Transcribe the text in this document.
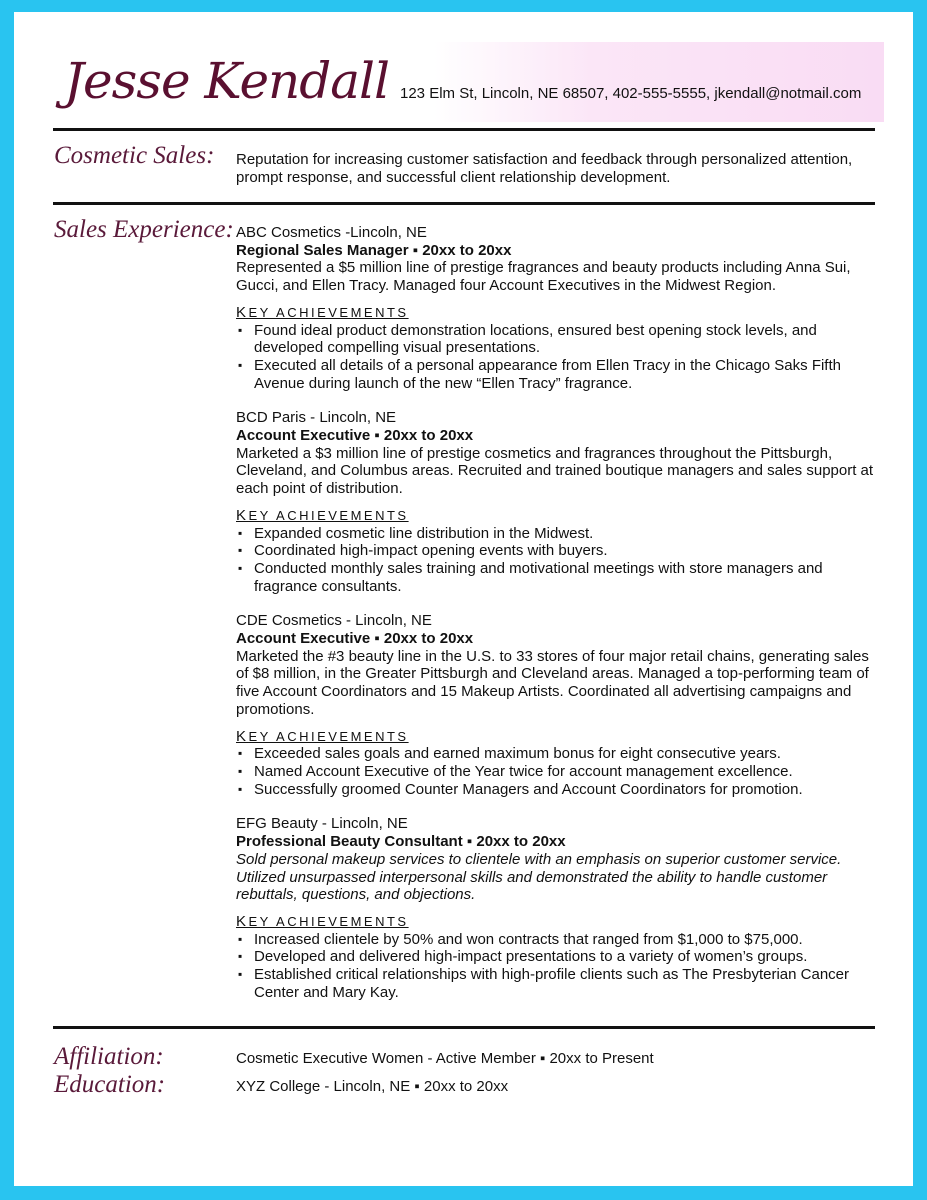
Jesse Kendall 123 Elm St, Lincoln, NE 68507, 402-555-5555, jkendall@notmail.com
Cosmetic Sales: Reputation for increasing customer satisfaction and feedback through personalized attention, prompt response, and successful client relationship development.
Sales Experience: ABC Cosmetics -Lincoln, NE
Regional Sales Manager ▪ 20xx to 20xx
Represented a $5 million line of prestige fragrances and beauty products including Anna Sui, Gucci, and Ellen Tracy. Managed four Account Executives in the Midwest Region.
KEY ACHIEVEMENTS
▪ Found ideal product demonstration locations, ensured best opening stock levels, and developed compelling visual presentations.
▪ Executed all details of a personal appearance from Ellen Tracy in the Chicago Saks Fifth Avenue during launch of the new “Ellen Tracy” fragrance.
BCD Paris - Lincoln, NE
Account Executive ▪ 20xx to 20xx
Marketed a $3 million line of prestige cosmetics and fragrances throughout the Pittsburgh, Cleveland, and Columbus areas. Recruited and trained boutique managers and sales support at each point of distribution.
KEY ACHIEVEMENTS
▪ Expanded cosmetic line distribution in the Midwest.
▪ Coordinated high-impact opening events with buyers.
▪ Conducted monthly sales training and motivational meetings with store managers and fragrance consultants.
CDE Cosmetics - Lincoln, NE
Account Executive ▪ 20xx to 20xx
Marketed the #3 beauty line in the U.S. to 33 stores of four major retail chains, generating sales of $8 million, in the Greater Pittsburgh and Cleveland areas. Managed a top-performing team of five Account Coordinators and 15 Makeup Artists. Coordinated all advertising campaigns and promotions.
KEY ACHIEVEMENTS
▪ Exceeded sales goals and earned maximum bonus for eight consecutive years.
▪ Named Account Executive of the Year twice for account management excellence.
▪ Successfully groomed Counter Managers and Account Coordinators for promotion.
EFG Beauty - Lincoln, NE
Professional Beauty Consultant ▪ 20xx to 20xx
Sold personal makeup services to clientele with an emphasis on superior customer service. Utilized unsurpassed interpersonal skills and demonstrated the ability to handle customer rebuttals, questions, and objections.
KEY ACHIEVEMENTS
▪ Increased clientele by 50% and won contracts that ranged from $1,000 to $75,000.
▪ Developed and delivered high-impact presentations to a variety of women’s groups.
▪ Established critical relationships with high-profile clients such as The Presbyterian Cancer Center and Mary Kay.
Affiliation:	Cosmetic Executive Women - Active Member ▪ 20xx to Present
Education:	XYZ College - Lincoln, NE ▪ 20xx to 20xx
